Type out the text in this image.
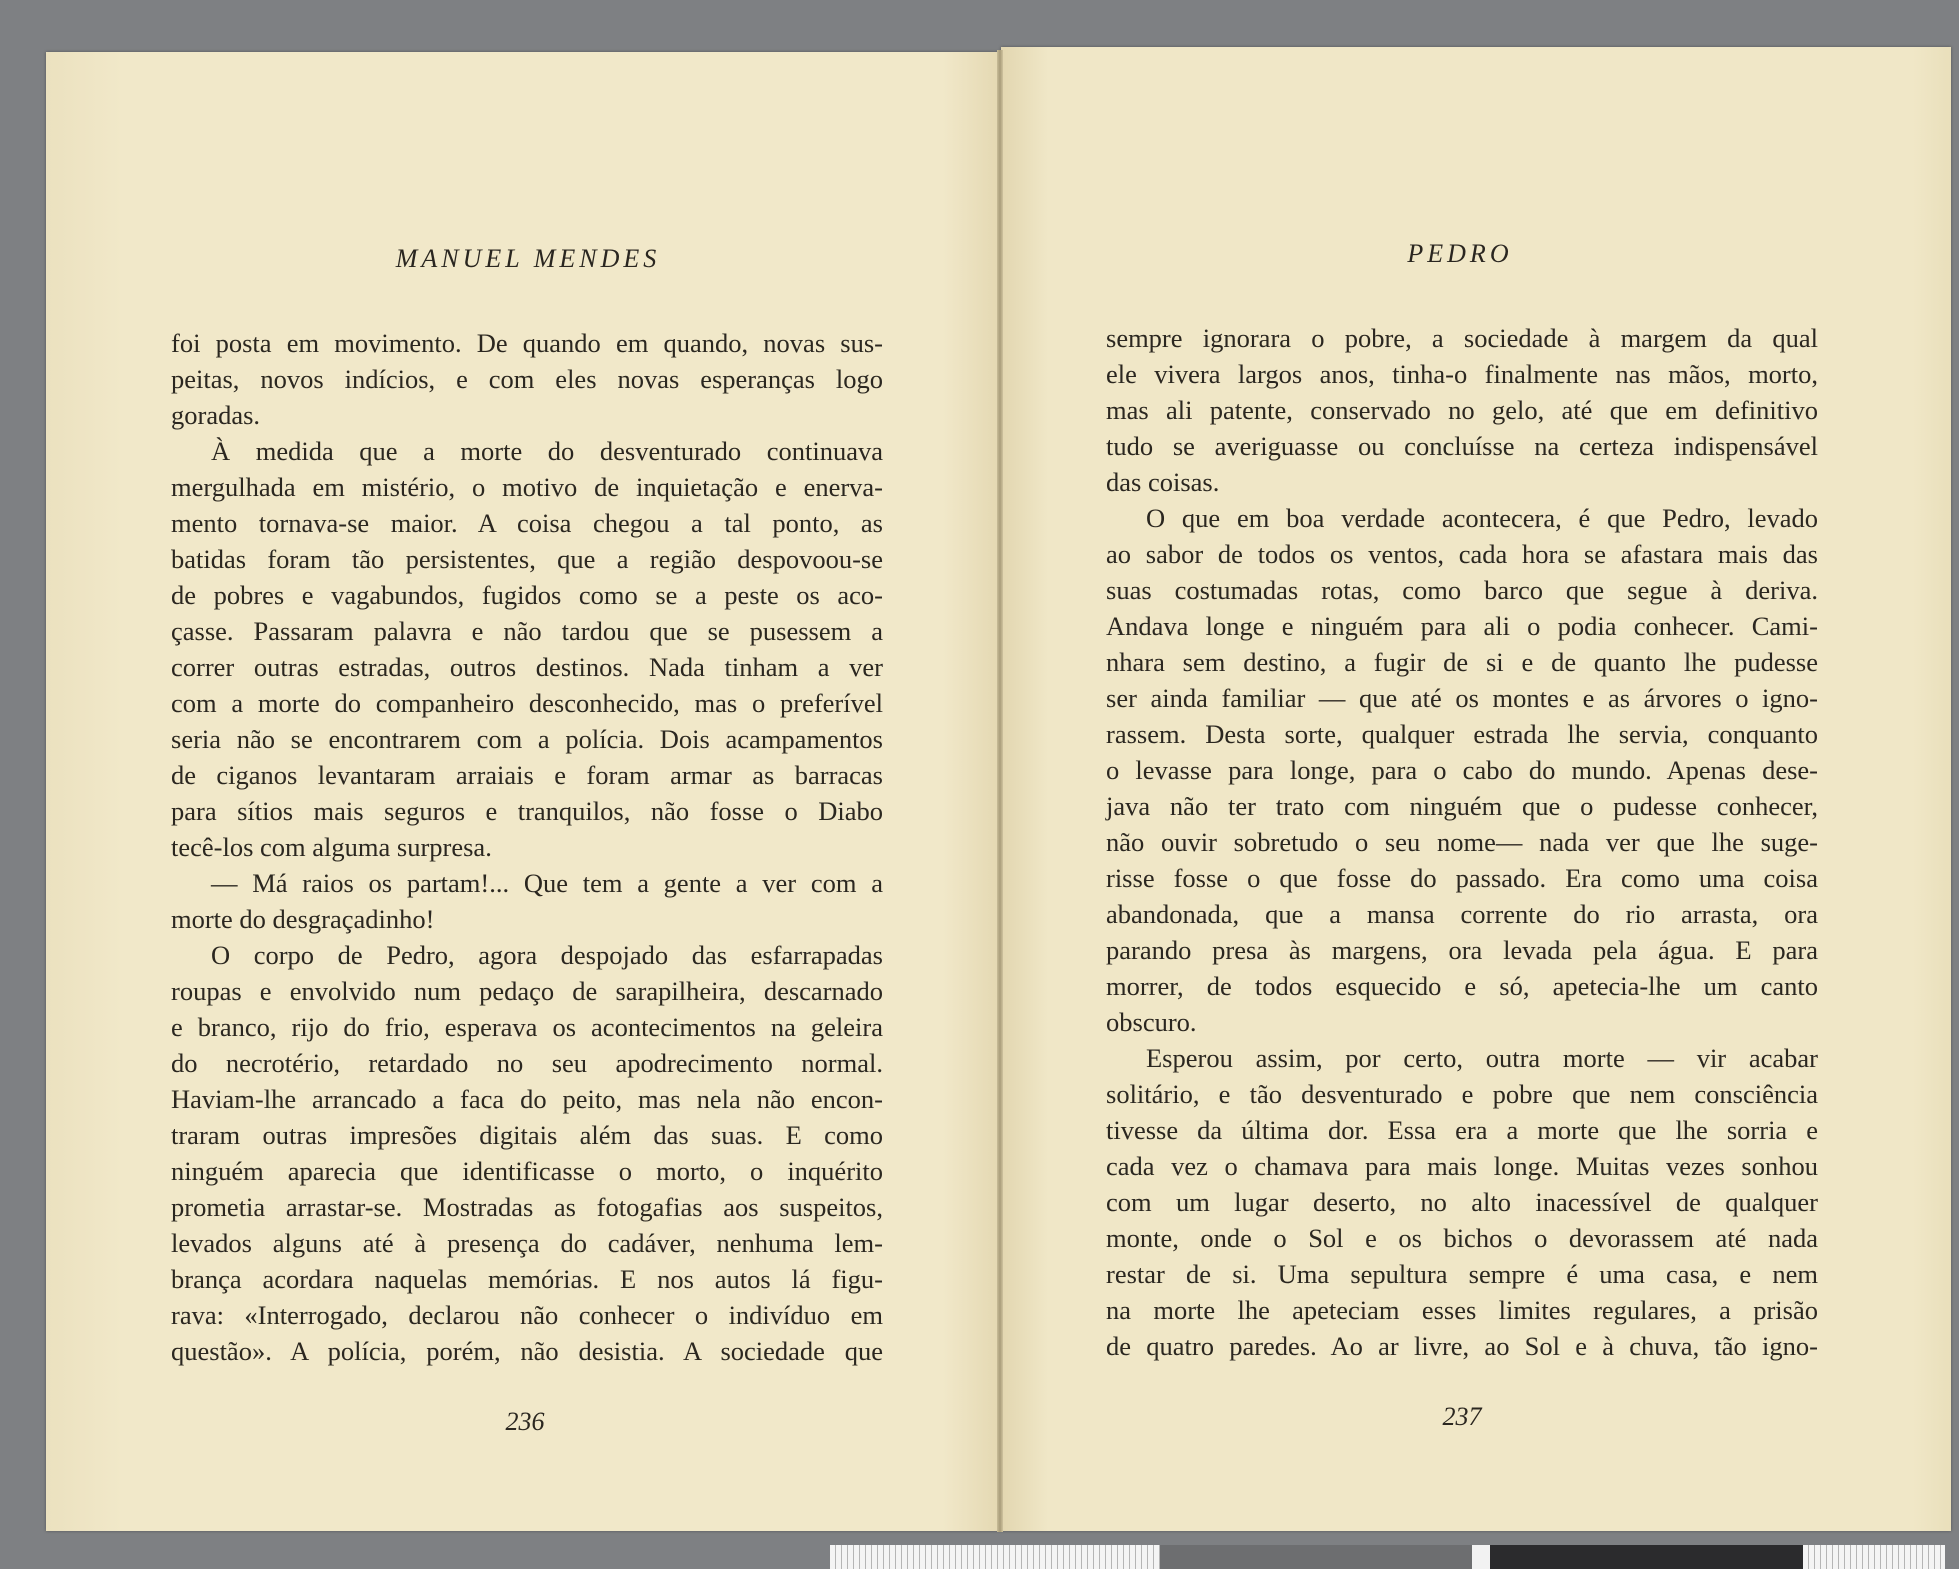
MANUEL MENDES
foi posta em movimento. De quando em quando, novas sus-
peitas, novos indícios, e com eles novas esperanças logo
goradas.
À medida que a morte do desventurado continuava
mergulhada em mistério, o motivo de inquietação e enerva-
mento tornava-se maior. A coisa chegou a tal ponto, as
batidas foram tão persistentes, que a região despovoou-se
de pobres e vagabundos, fugidos como se a peste os aco-
çasse. Passaram palavra e não tardou que se pusessem a
correr outras estradas, outros destinos. Nada tinham a ver
com a morte do companheiro desconhecido, mas o preferível
seria não se encontrarem com a polícia. Dois acampamentos
de ciganos levantaram arraiais e foram armar as barracas
para sítios mais seguros e tranquilos, não fosse o Diabo
tecê-los com alguma surpresa.
— Má raios os partam!... Que tem a gente a ver com a
morte do desgraçadinho!
O corpo de Pedro, agora despojado das esfarrapadas
roupas e envolvido num pedaço de sarapilheira, descarnado
e branco, rijo do frio, esperava os acontecimentos na geleira
do necrotério, retardado no seu apodrecimento normal.
Haviam-lhe arrancado a faca do peito, mas nela não encon-
traram outras impresões digitais além das suas. E como
ninguém aparecia que identificasse o morto, o inquérito
prometia arrastar-se. Mostradas as fotogafias aos suspeitos,
levados alguns até à presença do cadáver, nenhuma lem-
brança acordara naquelas memórias. E nos autos lá figu-
rava: «Interrogado, declarou não conhecer o indivíduo em
questão». A polícia, porém, não desistia. A sociedade que
236
PEDRO
sempre ignorara o pobre, a sociedade à margem da qual
ele vivera largos anos, tinha-o finalmente nas mãos, morto,
mas ali patente, conservado no gelo, até que em definitivo
tudo se averiguasse ou concluísse na certeza indispensável
das coisas.
O que em boa verdade acontecera, é que Pedro, levado
ao sabor de todos os ventos, cada hora se afastara mais das
suas costumadas rotas, como barco que segue à deriva.
Andava longe e ninguém para ali o podia conhecer. Cami-
nhara sem destino, a fugir de si e de quanto lhe pudesse
ser ainda familiar — que até os montes e as árvores o igno-
rassem. Desta sorte, qualquer estrada lhe servia, conquanto
o levasse para longe, para o cabo do mundo. Apenas dese-
java não ter trato com ninguém que o pudesse conhecer,
não ouvir sobretudo o seu nome— nada ver que lhe suge-
risse fosse o que fosse do passado. Era como uma coisa
abandonada, que a mansa corrente do rio arrasta, ora
parando presa às margens, ora levada pela água. E para
morrer, de todos esquecido e só, apetecia-lhe um canto
obscuro.
Esperou assim, por certo, outra morte — vir acabar
solitário, e tão desventurado e pobre que nem consciência
tivesse da última dor. Essa era a morte que lhe sorria e
cada vez o chamava para mais longe. Muitas vezes sonhou
com um lugar deserto, no alto inacessível de qualquer
monte, onde o Sol e os bichos o devorassem até nada
restar de si. Uma sepultura sempre é uma casa, e nem
na morte lhe apeteciam esses limites regulares, a prisão
de quatro paredes. Ao ar livre, ao Sol e à chuva, tão igno-
237
